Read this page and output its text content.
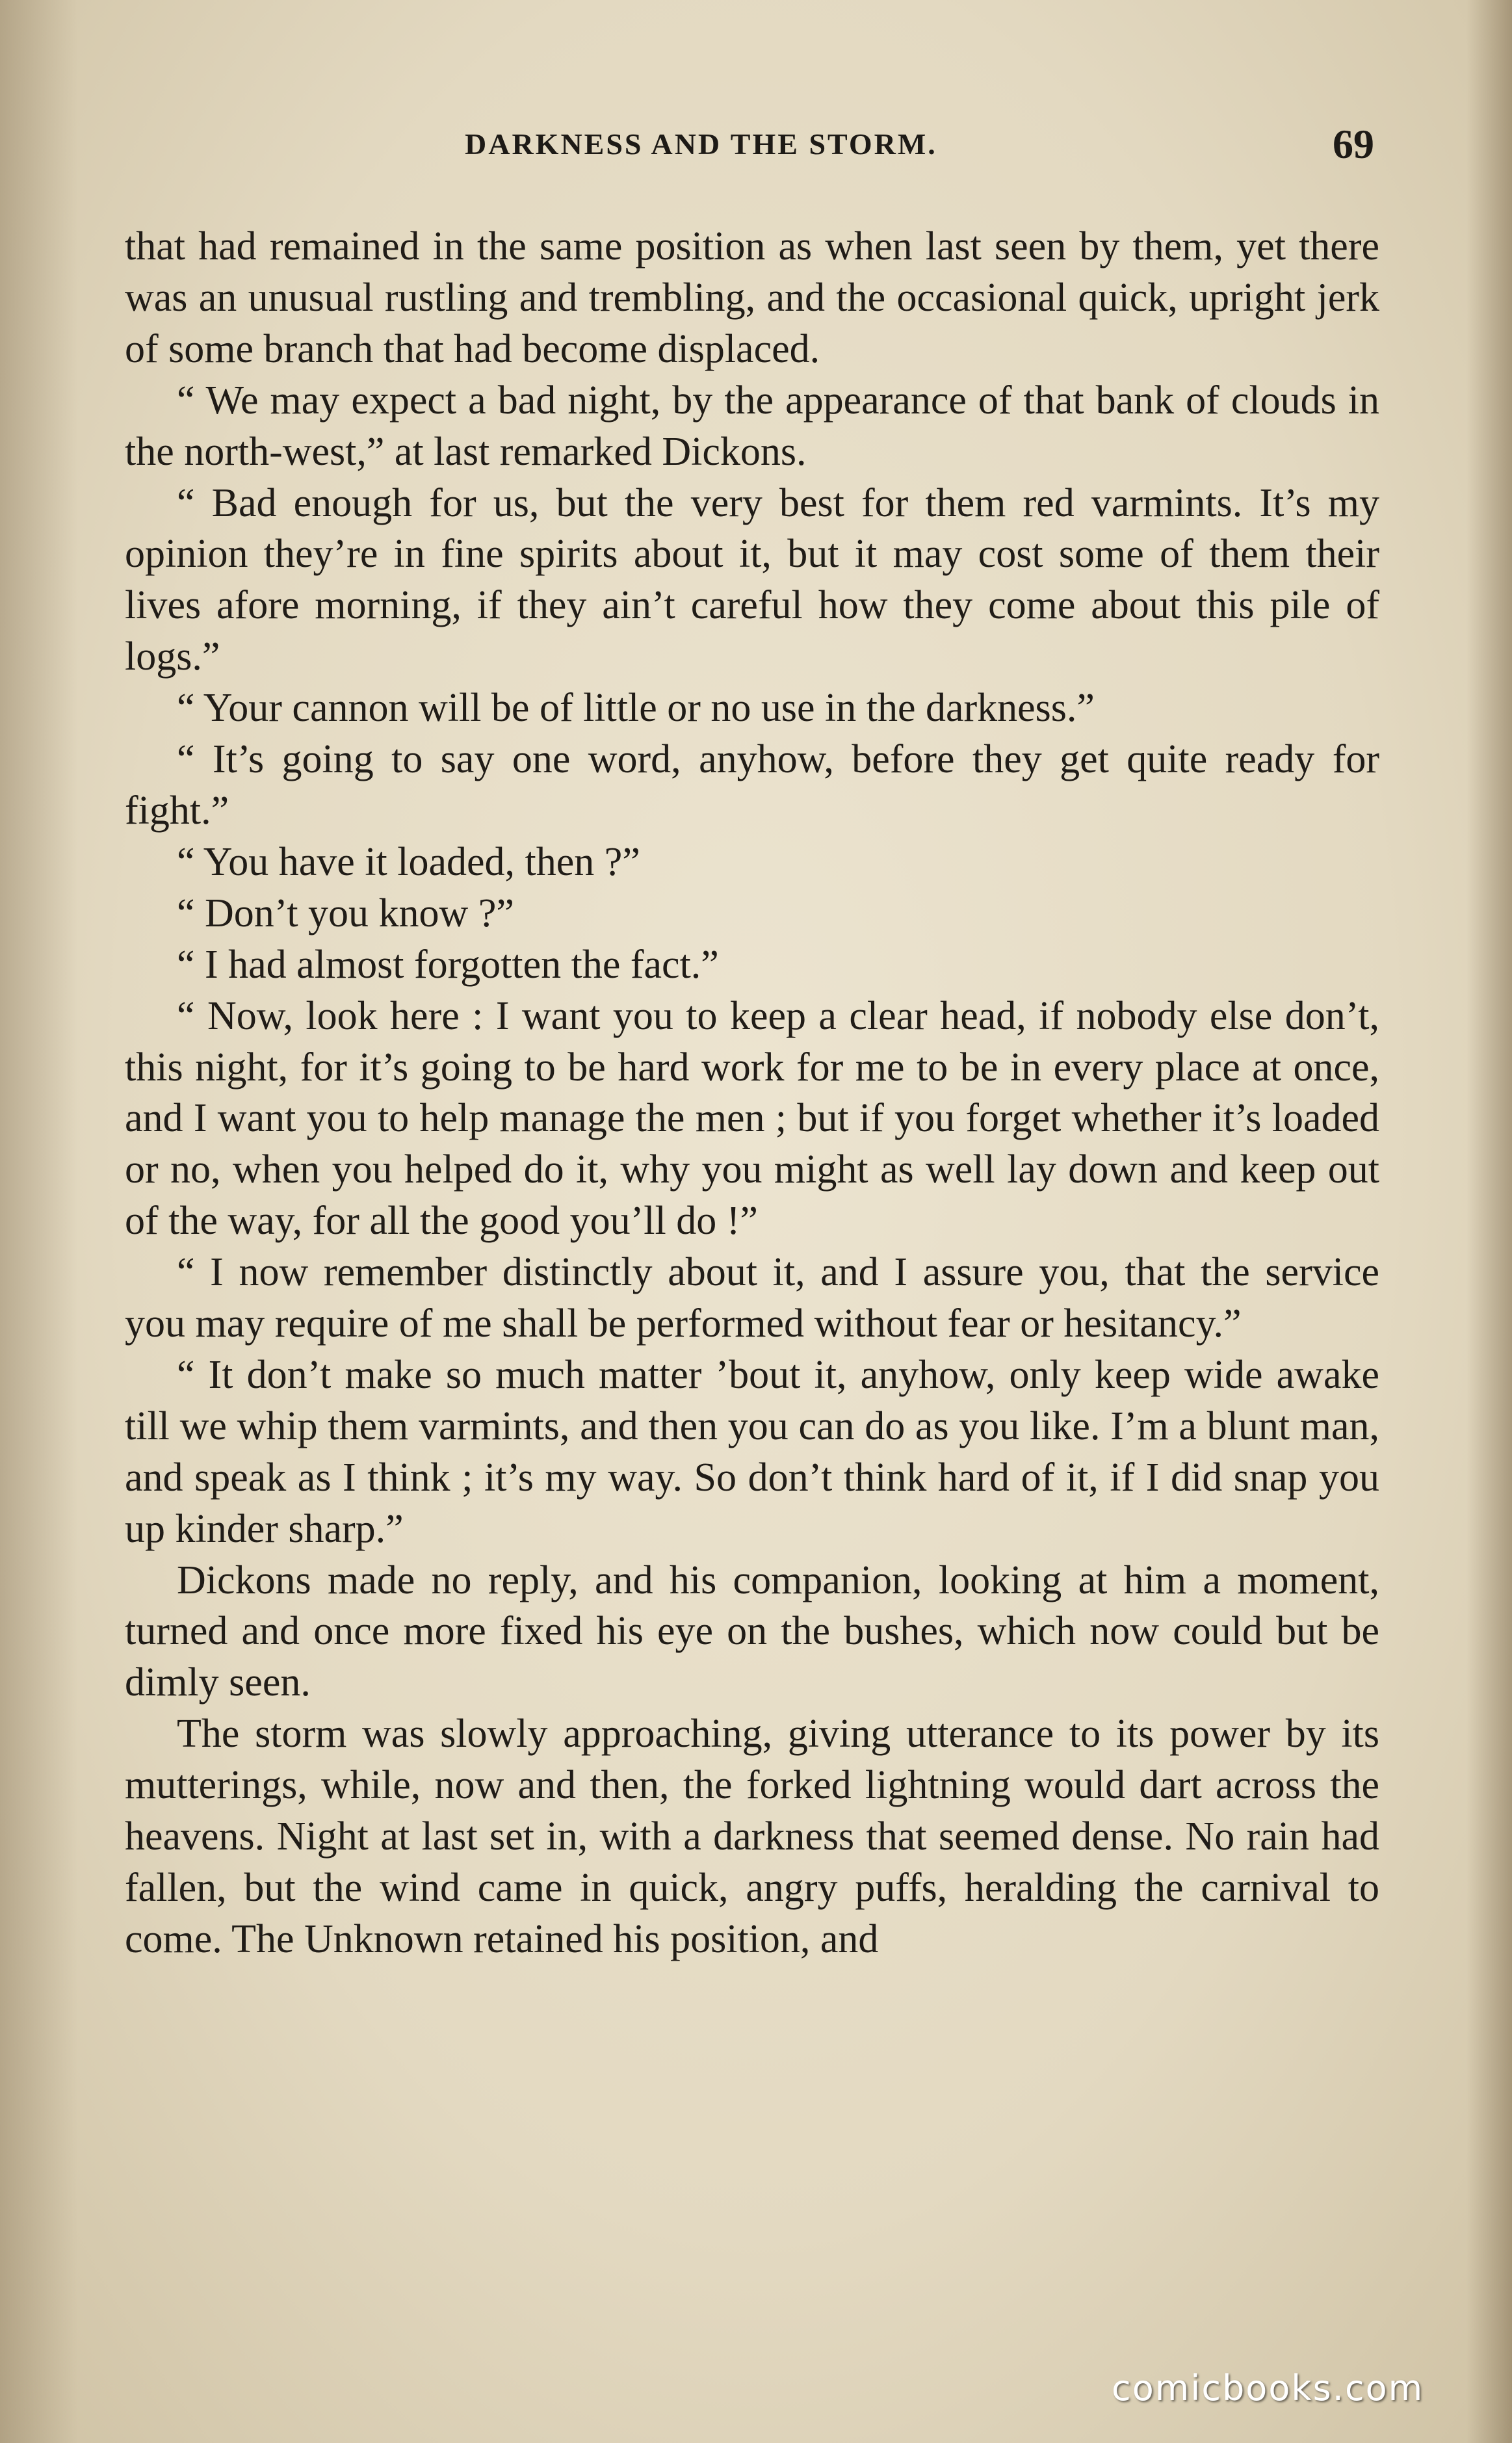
DARKNESS AND THE STORM.	69

that had remained in the same position as when last seen by them, yet there was an unusual rustling and trembling, and the occasional quick, upright jerk of some branch that had become displaced.

“ We may expect a bad night, by the appearance of that bank of clouds in the north-west,” at last remarked Dickons.

“ Bad enough for us, but the very best for them red varmints. It’s my opinion they’re in fine spirits about it, but it may cost some of them their lives afore morning, if they ain’t careful how they come about this pile of logs.”

“ Your cannon will be of little or no use in the darkness.”

“ It’s going to say one word, anyhow, before they get quite ready for fight.”

“ You have it loaded, then ?”

“ Don’t you know ?”

“ I had almost forgotten the fact.”

“ Now, look here : I want you to keep a clear head, if nobody else don’t, this night, for it’s going to be hard work for me to be in every place at once, and I want you to help manage the men ; but if you forget whether it’s loaded or no, when you helped do it, why you might as well lay down and keep out of the way, for all the good you’ll do !”

“ I now remember distinctly about it, and I assure you, that the service you may require of me shall be performed without fear or hesitancy.”

“ It don’t make so much matter ’bout it, anyhow, only keep wide awake till we whip them varmints, and then you can do as you like. I’m a blunt man, and speak as I think ; it’s my way. So don’t think hard of it, if I did snap you up kinder sharp.”

Dickons made no reply, and his companion, looking at him a moment, turned and once more fixed his eye on the bushes, which now could but be dimly seen.

The storm was slowly approaching, giving utterance to its power by its mutterings, while, now and then, the forked lightning would dart across the heavens. Night at last set in, with a darkness that seemed dense. No rain had fallen, but the wind came in quick, angry puffs, heralding the carnival to come. The Unknown retained his position, and

comicbooks.com
